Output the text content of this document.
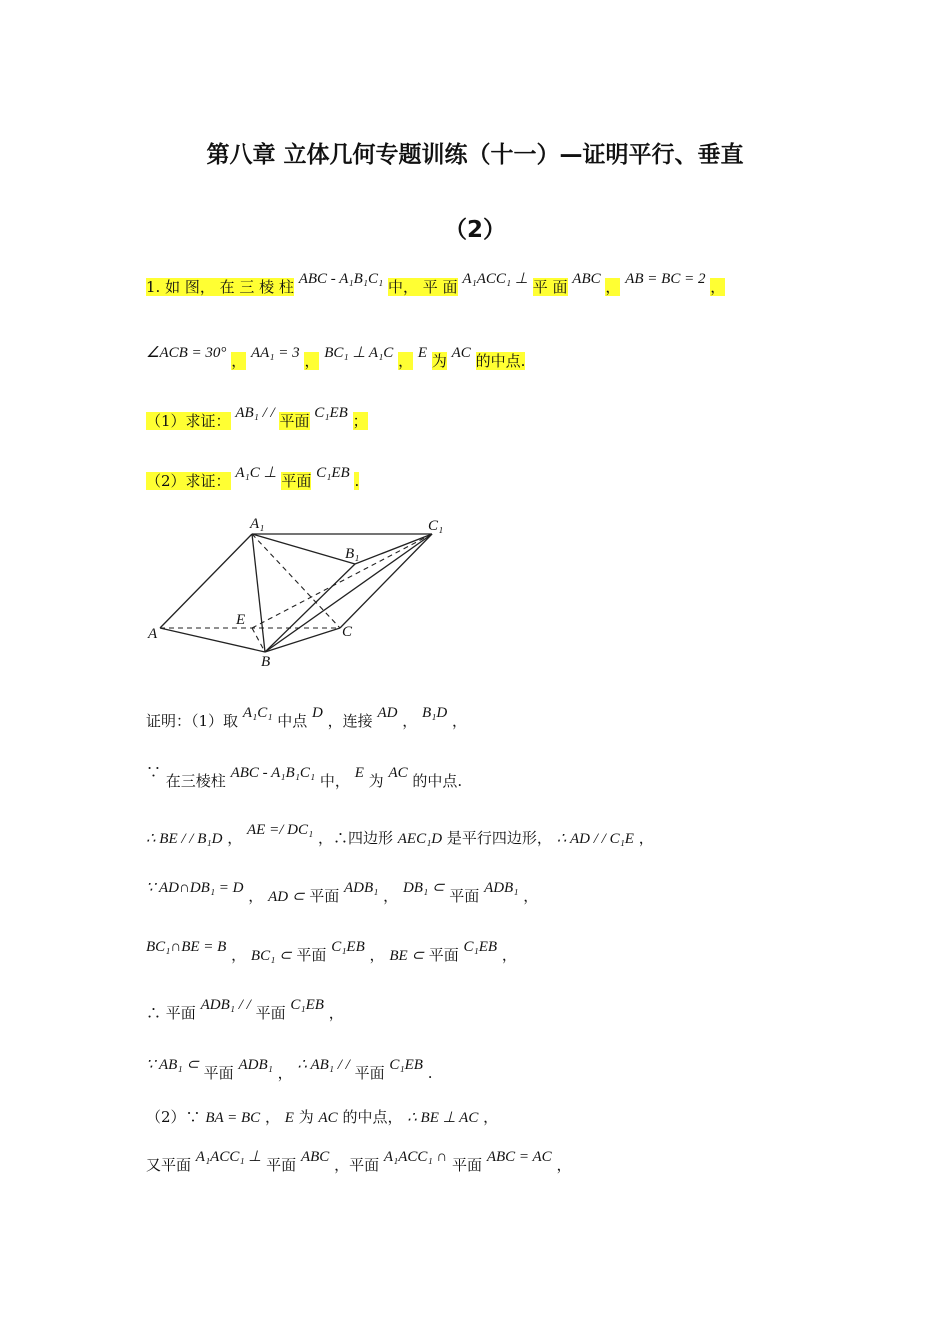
第八章 立体几何专题训练（十一）—证明平行、垂直
（2）
1. 如 图， 在 三 棱 柱 ABC - A₁B₁C₁ 中， 平 面 A₁ACC₁ ⊥ 平 面 ABC ， AB = BC = 2 ，
∠ACB = 30° ， AA₁ = 3 ， BC₁ ⊥ A₁C ， E 为 AC 的中点.
（1）求证： AB₁ / / 平面 C₁EB ；
（2）求证： A₁C ⊥ 平面 C₁EB .
A₁	C₁
B₁
E
A	C
B
证明：（1）取 A₁C₁ 中点 D ，连接 AD ， B₁D ，
∵ 在三棱柱 ABC - A₁B₁C₁ 中， E 为 AC 的中点.
∴ BE / / B₁D ， AE =/ DC₁ ，∴四边形 AEC₁D 是平行四边形， ∴ AD / / C₁E ，
∵ AD∩DB₁ = D ， AD ⊂ 平面 ADB₁ ， DB₁ ⊂ 平面 ADB₁ ，
BC₁∩BE = B ， BC₁ ⊂ 平面 C₁EB ， BE ⊂ 平面 C₁EB ，
∴ 平面 ADB₁ / / 平面 C₁EB ，
∵ AB₁ ⊂ 平面 ADB₁ ， ∴ AB₁ / / 平面 C₁EB .
（2）∵ BA = BC ， E 为 AC 的中点， ∴ BE ⊥ AC ，
又平面 A₁ACC₁ ⊥ 平面 ABC ，平面 A₁ACC₁ ∩ 平面 ABC = AC ，
